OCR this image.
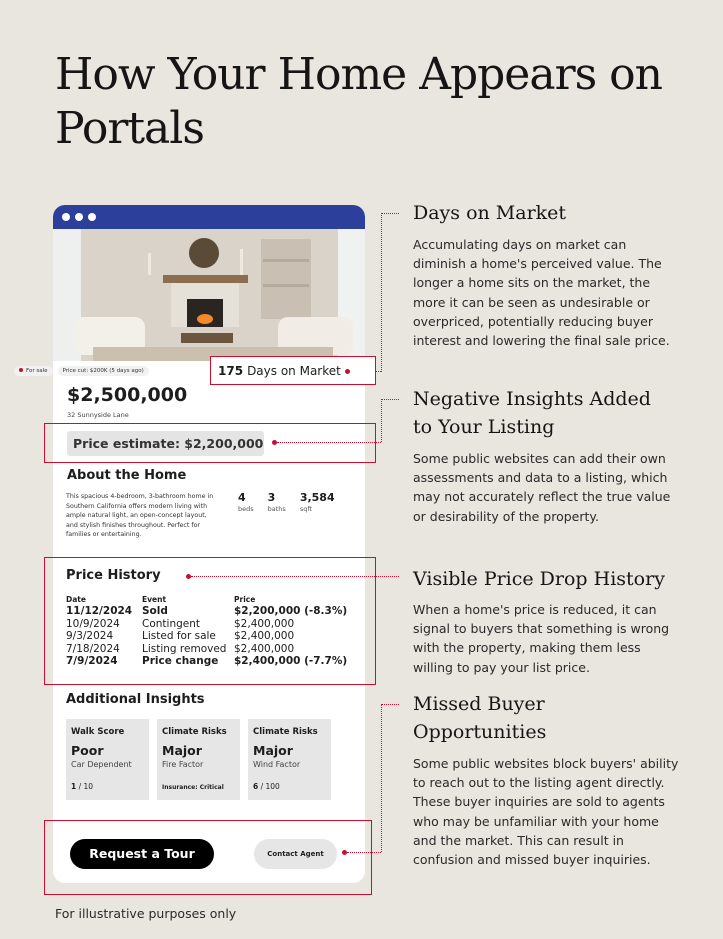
How Your Home Appears on Portals
For sale	Price cut: $200K (5 days ago)	175 Days on Market
$2,500,000
32 Sunnyside Lane
Price estimate: $2,200,000
About the Home
This spacious 4-bedroom, 3-bathroom home in Southern California offers modern living with ample natural light, an open-concept layout, and stylish finishes throughout. Perfect for families or entertaining.
4
beds
3
baths
3,584
sqft
Price History
Date	Event	Price
11/12/2024 Sold	$2,200,000 (-8.3%)
10/9/2024	Contingent	$2,400,000
9/3/2024	Listed for sale	$2,400,000
7/18/2024	Listing removed $2,400,000
7/9/2024	Price change	$2,400,000 (-7.7%)
Additional Insights
Walk Score
Poor
Car Dependent
1 / 10
Climate Risks
Major
Fire Factor
Insurance: Critical
Climate Risks
Major
Wind Factor
6 / 100
Request a Tour	Contact Agent
Days on Market
Accumulating days on market can diminish a home's perceived value. The longer a home sits on the market, the more it can be seen as undesirable or overpriced, potentially reducing buyer interest and lowering the final sale price.
Negative Insights Added to Your Listing
Some public websites can add their own assessments and data to a listing, which may not accurately reflect the true value or desirability of the property.
Visible Price Drop History
When a home's price is reduced, it can signal to buyers that something is wrong with the property, making them less willing to pay your list price.
Missed Buyer Opportunities
Some public websites block buyers' ability to reach out to the listing agent directly. These buyer inquiries are sold to agents who may be unfamiliar with your home and the market. This can result in confusion and missed buyer inquiries.
For illustrative purposes only
